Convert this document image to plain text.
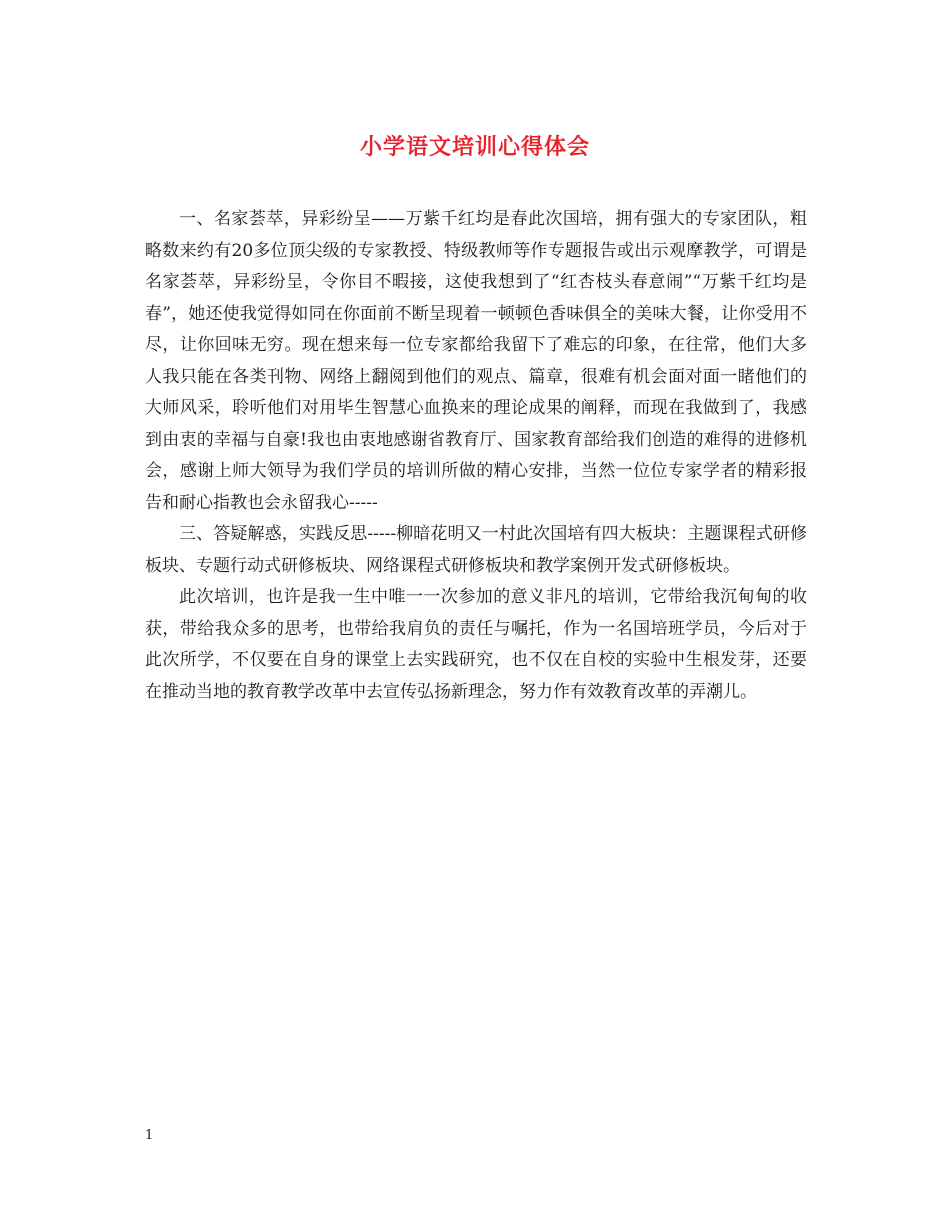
小学语文培训心得体会

一、名家荟萃，异彩纷呈——万紫千红均是春此次国培，拥有强大的专家团队，粗略数来约有20多位顶尖级的专家教授、特级教师等作专题报告或出示观摩教学，可谓是名家荟萃，异彩纷呈，令你目不暇接，这使我想到了“红杏枝头春意闹”“万紫千红均是春”，她还使我觉得如同在你面前不断呈现着一顿顿色香味俱全的美味大餐，让你受用不尽，让你回味无穷。现在想来每一位专家都给我留下了难忘的印象，在往常，他们大多人我只能在各类刊物、网络上翻阅到他们的观点、篇章，很难有机会面对面一睹他们的大师风采，聆听他们对用毕生智慧心血换来的理论成果的阐释，而现在我做到了，我感到由衷的幸福与自豪!我也由衷地感谢省教育厅、国家教育部给我们创造的难得的进修机会，感谢上师大领导为我们学员的培训所做的精心安排，当然一位位专家学者的精彩报告和耐心指教也会永留我心-----

三、答疑解惑，实践反思-----柳暗花明又一村此次国培有四大板块：主题课程式研修板块、专题行动式研修板块、网络课程式研修板块和教学案例开发式研修板块。

此次培训，也许是我一生中唯一一次参加的意义非凡的培训，它带给我沉甸甸的收获，带给我众多的思考，也带给我肩负的责任与嘱托，作为一名国培班学员，今后对于此次所学，不仅要在自身的课堂上去实践研究，也不仅在自校的实验中生根发芽，还要在推动当地的教育教学改革中去宣传弘扬新理念，努力作有效教育改革的弄潮儿。

1
